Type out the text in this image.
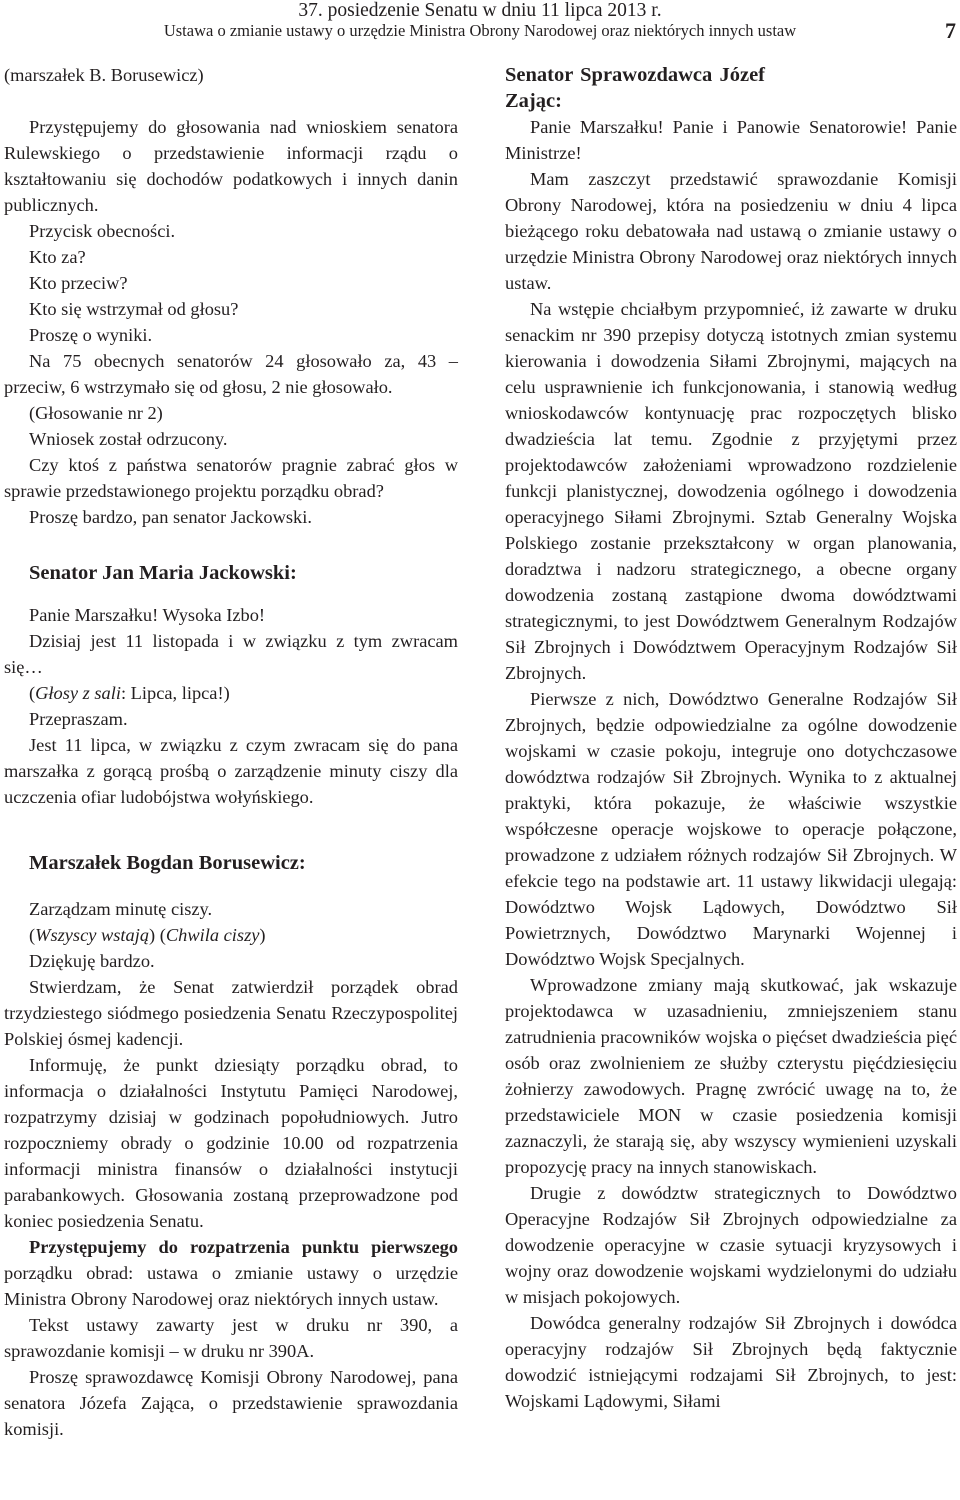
37. posiedzenie Senatu w dniu 11 lipca 2013 r.
Ustawa o zmianie ustawy o urzędzie Ministra Obrony Narodowej oraz niektórych innych ustaw	7

(marszałek B. Borusewicz)

Przystępujemy do głosowania nad wnioskiem senatora Rulewskiego o przedstawienie informacji rządu o kształtowaniu się dochodów podatkowych i innych danin publicznych.

Przycisk obecności.

Kto za?

Kto przeciw?

Kto się wstrzymał od głosu?

Proszę o wyniki.

Na 75 obecnych senatorów 24 głosowało za, 43 – przeciw, 6 wstrzymało się od głosu, 2 nie głosowało.

(Głosowanie nr 2)

Wniosek został odrzucony.

Czy ktoś z państwa senatorów pragnie zabrać głos w sprawie przedstawionego projektu porządku obrad?

Proszę bardzo, pan senator Jackowski.

Senator Jan Maria Jackowski:

Panie Marszałku! Wysoka Izbo!

Dzisiaj jest 11 listopada i w związku z tym zwracam się…

(Głosy z sali: Lipca, lipca!)

Przepraszam.

Jest 11 lipca, w związku z czym zwracam się do pana marszałka z gorącą prośbą o zarządzenie minuty ciszy dla uczczenia ofiar ludobójstwa wołyńskiego.

Marszałek Bogdan Borusewicz:

Zarządzam minutę ciszy.

(Wszyscy wstają) (Chwila ciszy)

Dziękuję bardzo.

Stwierdzam, że Senat zatwierdził porządek obrad trzydziestego siódmego posiedzenia Senatu Rzeczypospolitej Polskiej ósmej kadencji.

Informuję, że punkt dziesiąty porządku obrad, to informacja o działalności Instytutu Pamięci Narodowej, rozpatrzymy dzisiaj w godzinach popołudniowych. Jutro rozpoczniemy obrady o godzinie 10.00 od rozpatrzenia informacji ministra finansów o działalności instytucji parabankowych. Głosowania zostaną przeprowadzone pod koniec posiedzenia Senatu.

Przystępujemy do rozpatrzenia punktu pierwszego porządku obrad: ustawa o zmianie ustawy o urzędzie Ministra Obrony Narodowej oraz niektórych innych ustaw.

Tekst ustawy zawarty jest w druku nr 390, a sprawozdanie komisji – w druku nr 390A.

Proszę sprawozdawcę Komisji Obrony Narodowej, pana senatora Józefa Zająca, o przedstawienie sprawozdania komisji.

Senator Sprawozdawca Józef Zając:

Panie Marszałku! Panie i Panowie Senatorowie! Panie Ministrze!

Mam zaszczyt przedstawić sprawozdanie Komisji Obrony Narodowej, która na posiedzeniu w dniu 4 lipca bieżącego roku debatowała nad ustawą o zmianie ustawy o urzędzie Ministra Obrony Narodowej oraz niektórych innych ustaw.

Na wstępie chciałbym przypomnieć, iż zawarte w druku senackim nr 390 przepisy dotyczą istotnych zmian systemu kierowania i dowodzenia Siłami Zbrojnymi, mających na celu usprawnienie ich funkcjonowania, i stanowią według wnioskodawców kontynuację prac rozpoczętych blisko dwadzieścia lat temu. Zgodnie z przyjętymi przez projektodawców założeniami wprowadzono rozdzielenie funkcji planistycznej, dowodzenia ogólnego i dowodzenia operacyjnego Siłami Zbrojnymi. Sztab Generalny Wojska Polskiego zostanie przekształcony w organ planowania, doradztwa i nadzoru strategicznego, a obecne organy dowodzenia zostaną zastąpione dwoma dowództwami strategicznymi, to jest Dowództwem Generalnym Rodzajów Sił Zbrojnych i Dowództwem Operacyjnym Rodzajów Sił Zbrojnych.

Pierwsze z nich, Dowództwo Generalne Rodzajów Sił Zbrojnych, będzie odpowiedzialne za ogólne dowodzenie wojskami w czasie pokoju, integruje ono dotychczasowe dowództwa rodzajów Sił Zbrojnych. Wynika to z aktualnej praktyki, która pokazuje, że właściwie wszystkie współczesne operacje wojskowe to operacje połączone, prowadzone z udziałem różnych rodzajów Sił Zbrojnych. W efekcie tego na podstawie art. 11 ustawy likwidacji ulegają: Dowództwo Wojsk Lądowych, Dowództwo Sił Powietrznych, Dowództwo Marynarki Wojennej i Dowództwo Wojsk Specjalnych.

Wprowadzone zmiany mają skutkować, jak wskazuje projektodawca w uzasadnieniu, zmniejszeniem stanu zatrudnienia pracowników wojska o pięćset dwadzieścia pięć osób oraz zwolnieniem ze służby czterystu pięćdziesięciu żołnierzy zawodowych. Pragnę zwrócić uwagę na to, że przedstawiciele MON w czasie posiedzenia komisji zaznaczyli, że starają się, aby wszyscy wymienieni uzyskali propozycję pracy na innych stanowiskach.

Drugie z dowództw strategicznych to Dowództwo Operacyjne Rodzajów Sił Zbrojnych odpowiedzialne za dowodzenie operacyjne w czasie sytuacji kryzysowych i wojny oraz dowodzenie wojskami wydzielonymi do udziału w misjach pokojowych.

Dowódca generalny rodzajów Sił Zbrojnych i dowódca operacyjny rodzajów Sił Zbrojnych będą faktycznie dowodzić istniejącymi rodzajami Sił Zbrojnych, to jest: Wojskami Lądowymi, Siłami
